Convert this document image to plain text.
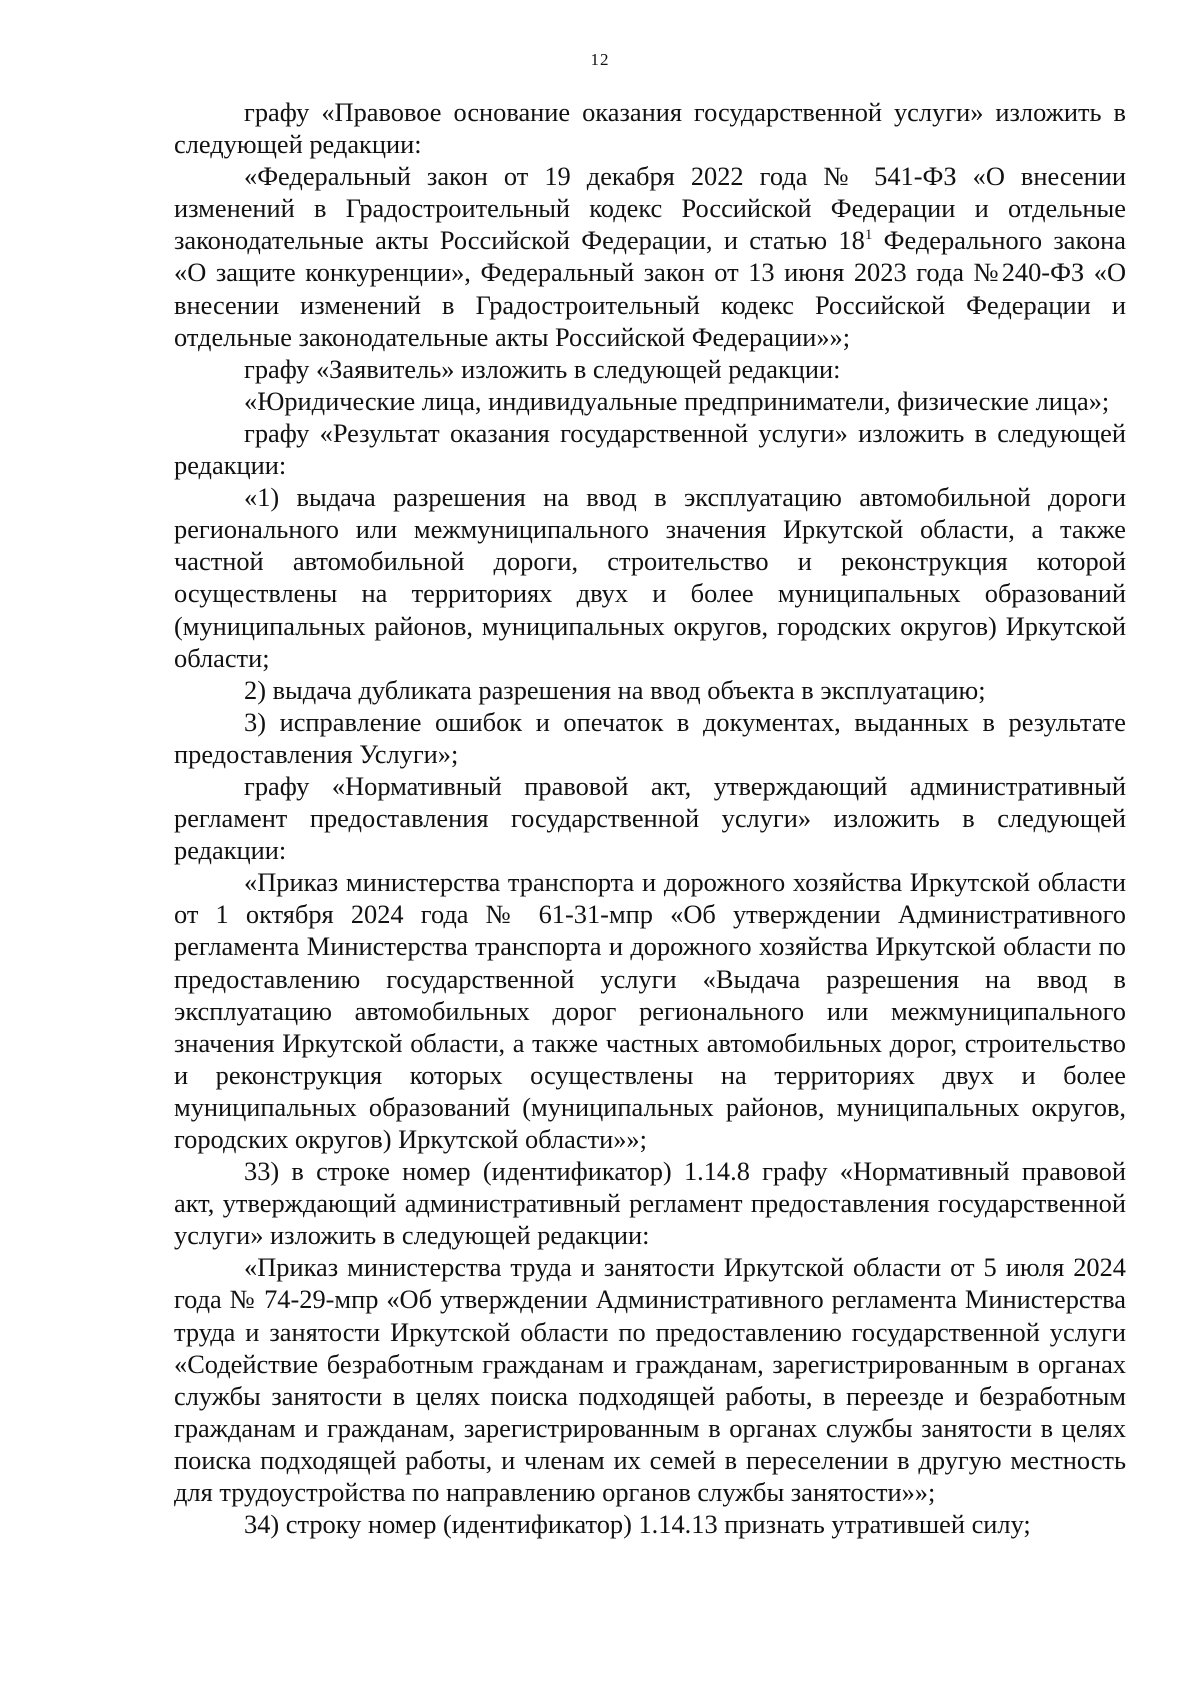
12

графу «Правовое основание оказания государственной услуги» изложить в следующей редакции:

«Федеральный закон от 19 декабря 2022 года № 541-ФЗ «О внесении изменений в Градостроительный кодекс Российской Федерации и отдельные законодательные акты Российской Федерации, и статью $18^1$ Федерального закона «О защите конкуренции», Федеральный закон от 13 июня 2023 года №240-ФЗ «О внесении изменений в Градостроительный кодекс Российской Федерации и отдельные законодательные акты Российской Федерации»»;

графу «Заявитель» изложить в следующей редакции:

«Юридические лица, индивидуальные предприниматели, физические лица»;

графу «Результат оказания государственной услуги» изложить в следующей редакции:

«1) выдача разрешения на ввод в эксплуатацию автомобильной дороги регионального или межмуниципального значения Иркутской области, а также частной автомобильной дороги, строительство и реконструкция которой осуществлены на территориях двух и более муниципальных образований (муниципальных районов, муниципальных округов, городских округов) Иркутской области;

2) выдача дубликата разрешения на ввод объекта в эксплуатацию;

3) исправление ошибок и опечаток в документах, выданных в результате предоставления Услуги»;

графу «Нормативный правовой акт, утверждающий административный регламент предоставления государственной услуги» изложить в следующей редакции:

«Приказ министерства транспорта и дорожного хозяйства Иркутской области от 1 октября 2024 года № 61-31-мпр «Об утверждении Административного регламента Министерства транспорта и дорожного хозяйства Иркутской области по предоставлению государственной услуги «Выдача разрешения на ввод в эксплуатацию автомобильных дорог регионального или межмуниципального значения Иркутской области, а также частных автомобильных дорог, строительство и реконструкция которых осуществлены на территориях двух и более муниципальных образований (муниципальных районов, муниципальных округов, городских округов) Иркутской области»»;

33) в строке номер (идентификатор) 1.14.8 графу «Нормативный правовой акт, утверждающий административный регламент предоставления государственной услуги» изложить в следующей редакции:

«Приказ министерства труда и занятости Иркутской области от 5 июля 2024 года № 74-29-мпр «Об утверждении Административного регламента Министерства труда и занятости Иркутской области по предоставлению государственной услуги «Содействие безработным гражданам и гражданам, зарегистрированным в органах службы занятости в целях поиска подходящей работы, в переезде и безработным гражданам и гражданам, зарегистрированным в органах службы занятости в целях поиска подходящей работы, и членам их семей в переселении в другую местность для трудоустройства по направлению органов службы занятости»»;

34) строку номер (идентификатор) 1.14.13 признать утратившей силу;
